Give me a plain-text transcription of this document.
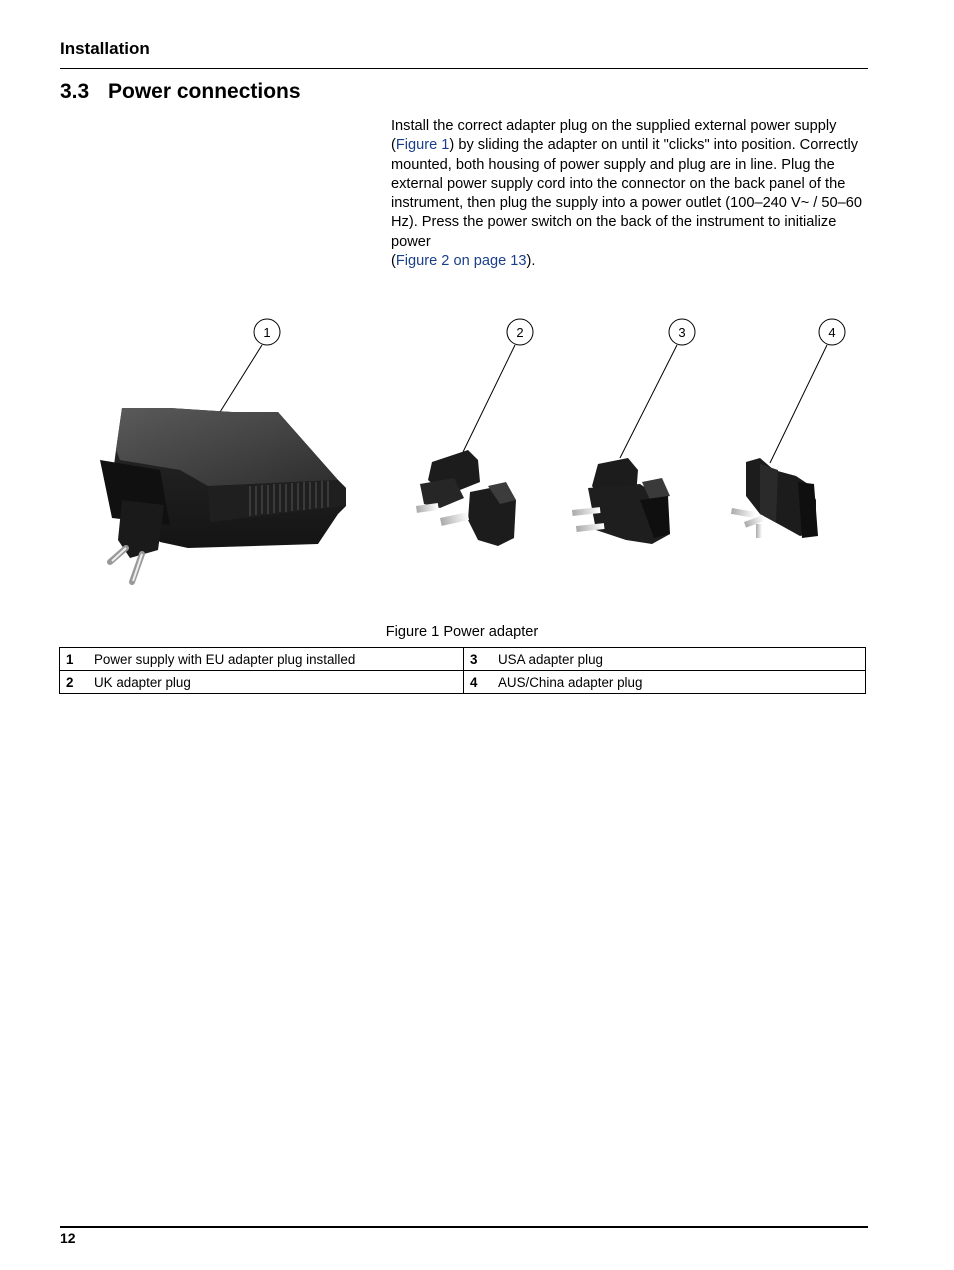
Installation
3.3 Power connections

Install the correct adapter plug on the supplied external power supply (Figure 1) by sliding the adapter on until it "clicks" into position. Correctly mounted, both housing of power supply and plug are in line. Plug the external power supply cord into the connector on the back panel of the instrument, then plug the supply into a power outlet (100–240 V~ / 50–60 Hz). Press the power switch on the back of the instrument to initialize power
(Figure 2 on page 13).

1	2	3	4
Figure 1 Power adapter
1 Power supply with EU adapter plug installed	3 USA adapter plug
2 UK adapter plug	4 AUS/China adapter plug
12
